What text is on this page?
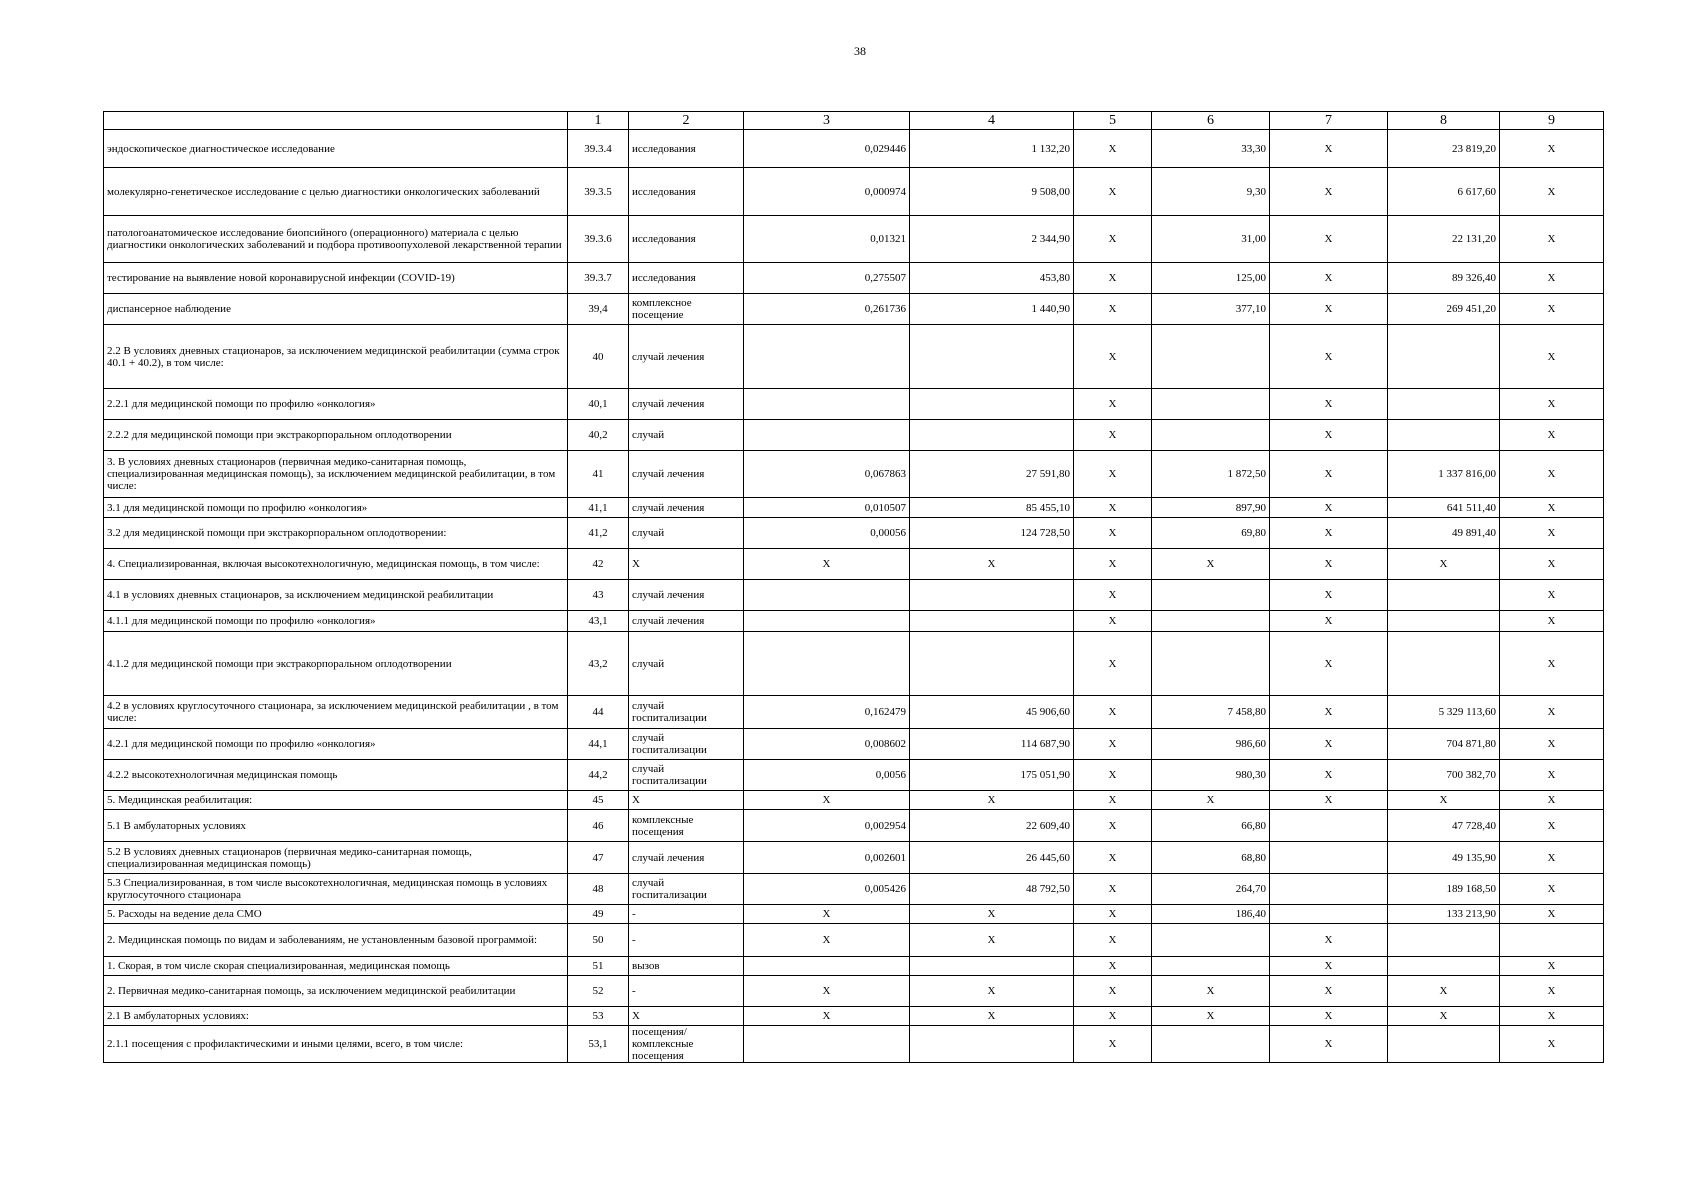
38
	1	2	3	4	5	6	7	8	9
эндоскопическое диагностическое исследование	39.3.4	исследования	0,029446	1 132,20	X	33,30	X	23 819,20	X
молекулярно-генетическое исследование с целью диагностики онкологических заболеваний	39.3.5	исследования	0,000974	9 508,00	X	9,30	X	6 617,60	X
патологоанатомическое исследование биопсийного (операционного) материала с целью диагностики онкологических заболеваний и подбора противоопухолевой лекарственной терапии	39.3.6	исследования	0,01321	2 344,90	X	31,00	X	22 131,20	X
тестирование на выявление новой коронавирусной инфекции (COVID-19)	39.3.7	исследования	0,275507	453,80	X	125,00	X	89 326,40	X
диспансерное наблюдение	39,4	комплексное посещение	0,261736	1 440,90	X	377,10	X	269 451,20	X
2.2 В условиях дневных стационаров, за исключением медицинской реабилитации (сумма строк 40.1 + 40.2), в том числе:	40	случай лечения			X		X		X
2.2.1 для медицинской помощи по профилю «онкология»	40,1	случай лечения			X		X		X
2.2.2 для медицинской помощи при экстракорпоральном оплодотворении	40,2	случай			X		X		X
3. В условиях дневных стационаров (первичная медико-санитарная помощь, специализированная медицинская помощь), за исключением медицинской реабилитации, в том числе:	41	случай лечения	0,067863	27 591,80	X	1 872,50	X	1 337 816,00	X
3.1 для медицинской помощи по профилю «онкология»	41,1	случай лечения	0,010507	85 455,10	X	897,90	X	641 511,40	X
3.2 для медицинской помощи при экстракорпоральном оплодотворении:	41,2	случай	0,00056	124 728,50	X	69,80	X	49 891,40	X
4. Специализированная, включая высокотехнологичную, медицинская помощь, в том числе:	42	X	X	X	X	X	X	X	X
4.1 в условиях дневных стационаров, за исключением медицинской реабилитации	43	случай лечения			X		X		X
4.1.1 для медицинской помощи по профилю «онкология»	43,1	случай лечения			X		X		X
4.1.2 для медицинской помощи при экстракорпоральном оплодотворении	43,2	случай			X		X		X
4.2 в условиях круглосуточного стационара, за исключением медицинской реабилитации , в том числе:	44	случай госпитализации	0,162479	45 906,60	X	7 458,80	X	5 329 113,60	X
4.2.1 для медицинской помощи по профилю «онкология»	44,1	случай госпитализации	0,008602	114 687,90	X	986,60	X	704 871,80	X
4.2.2 высокотехнологичная медицинская помощь	44,2	случай госпитализации	0,0056	175 051,90	X	980,30	X	700 382,70	X
5. Медицинская реабилитация:	45	X	X	X	X	X	X	X	X
5.1 В амбулаторных условиях	46	комплексные посещения	0,002954	22 609,40	X	66,80		47 728,40	X
5.2 В условиях дневных стационаров (первичная медико-санитарная помощь, специализированная медицинская помощь)	47	случай лечения	0,002601	26 445,60	X	68,80		49 135,90	X
5.3 Специализированная, в том числе высокотехнологичная, медицинская помощь в условиях круглосуточного стационара	48	случай госпитализации	0,005426	48 792,50	X	264,70		189 168,50	X
5. Расходы на ведение дела СМО	49	-	X	X	X	186,40		133 213,90	X
2. Медицинская помощь по видам и заболеваниям, не установленным базовой программой:	50	-	X	X	X		X		
1. Скорая, в том числе скорая специализированная, медицинская помощь	51	вызов			X		X		X
2. Первичная медико-санитарная помощь, за исключением медицинской реабилитации	52	-	X	X	X	X	X	X	X
2.1 В амбулаторных условиях:	53	X	X	X	X	X	X	X	X
2.1.1 посещения с профилактическими и иными целями, всего, в том числе:	53,1	посещения/комплексные посещения			X		X		X
